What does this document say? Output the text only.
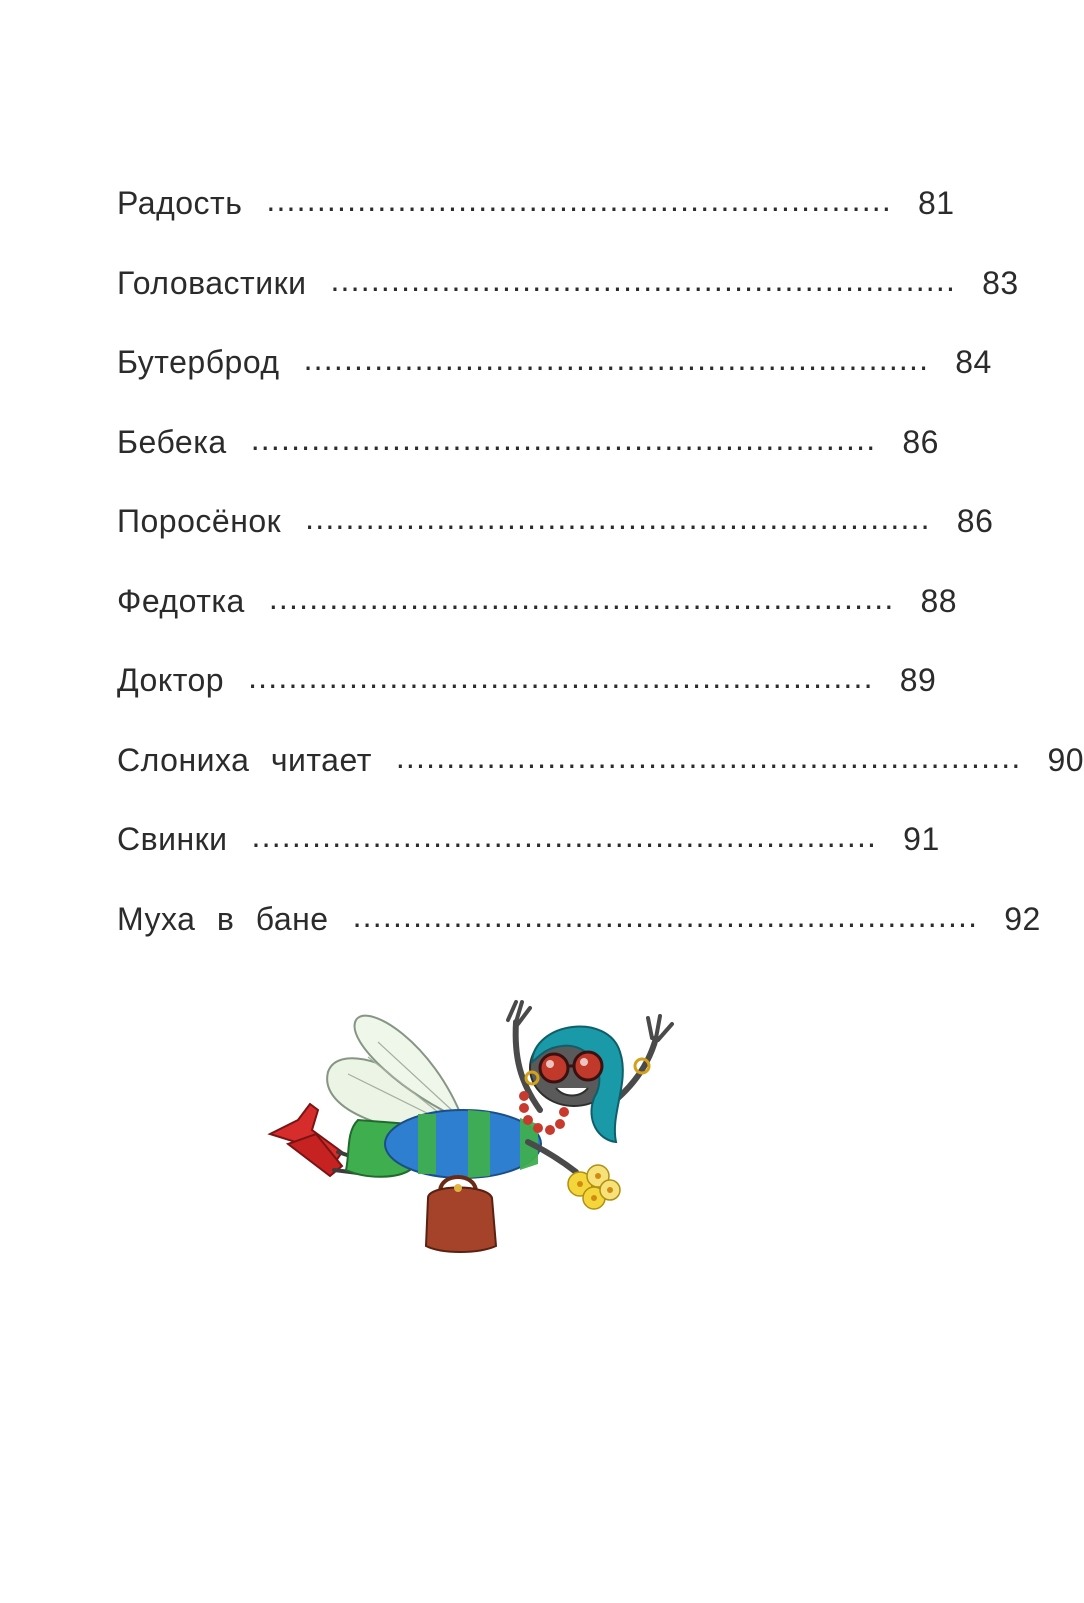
Радость .............................................................. 81
Головастики .............................................................. 83
Бутерброд .............................................................. 84
Бебека .............................................................. 86
Поросёнок .............................................................. 86
Федотка .............................................................. 88
Доктор .............................................................. 89
Слониха читает .............................................................. 90
Свинки .............................................................. 91
Муха в бане .............................................................. 92
